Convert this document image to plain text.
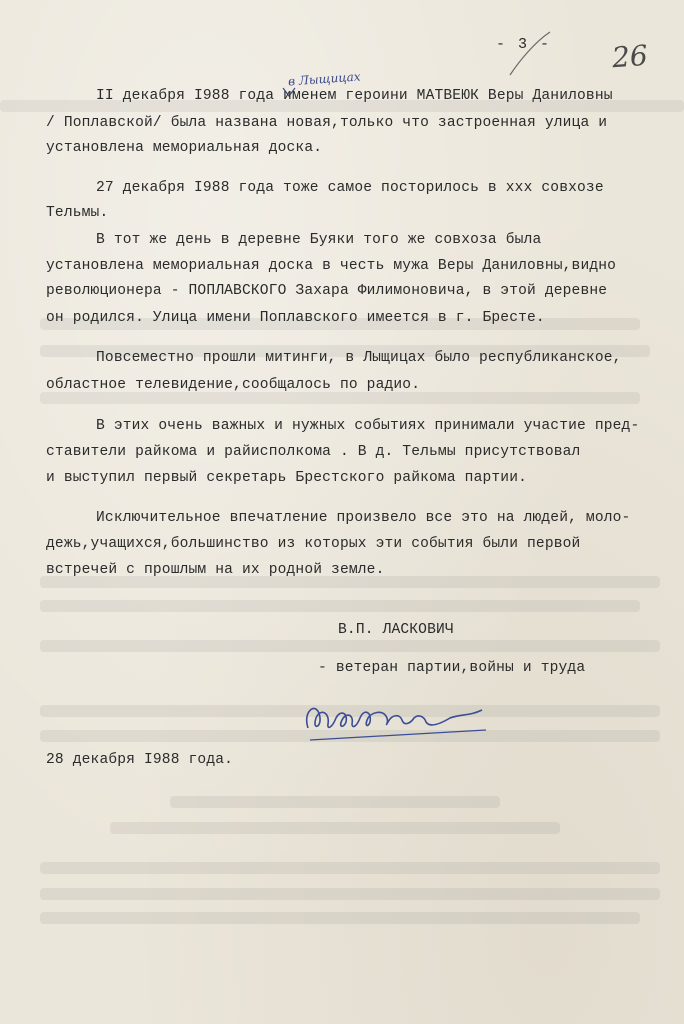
- 3 - 26
в Лыщицах
II декабря I988 года именем героини МАТВЕЮК Веры Даниловны
/ Поплавской/ была названа новая,только что застроенная улица и
установлена мемориальная доска.
27 декабря I988 года тоже самое посторилось в ххх совхозе
Тельмы.
В тот же день в деревне Буяки того же совхоза была
установлена мемориальная доска в честь мужа Веры Даниловны,видно
революционера - ПОПЛАВСКОГО Захара Филимоновича, в этой деревне
он родился. Улица имени Поплавского имеется в г. Бресте.
Повсеместно прошли митинги, в Лыщицах было республиканское,
областное телевидение,сообщалось по радио.
В этих очень важных и нужных событиях принимали участие пред-
ставители райкома и райисполкома . В д. Тельмы присутствовал
и выступил первый секретарь Брестского райкома партии.
Исключительное впечатление произвело все это на людей, моло-
дежь,учащихся,большинство из которых эти события были первой
встречей с прошлым на их родной земле.
В.П. ЛАСКОВИЧ
- ветеран партии,войны и труда
28 декабря I988 года.
